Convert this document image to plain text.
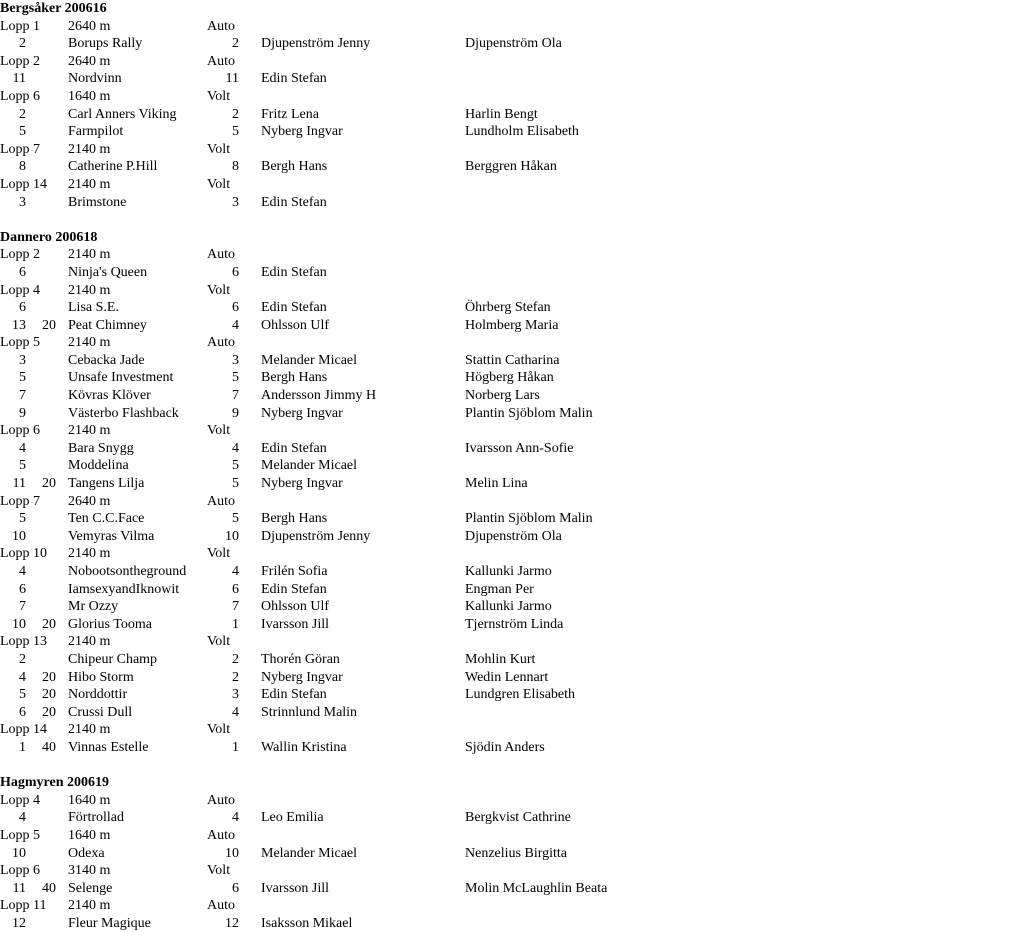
Bergsåker 200616
Lopp 1 2640 m	Auto
2	Borups Rally	2 Djupenström Jenny	Djupenström Ola
Lopp 2 2640 m	Auto
11	Nordvinn	11 Edin Stefan
Lopp 6 1640 m	Volt
2	Carl Anners Viking	2 Fritz Lena	Harlin Bengt
5	Farmpilot	5 Nyberg Ingvar	Lundholm Elisabeth
Lopp 7 2140 m	Volt
8	Catherine P.Hill	8 Bergh Hans	Berggren Håkan
Lopp 14 2140 m	Volt
3	Brimstone	3 Edin Stefan
Dannero 200618
Lopp 2 2140 m	Auto
6	Ninja's Queen	6 Edin Stefan
Lopp 4 2140 m	Volt
6	Lisa S.E.	6 Edin Stefan	Öhrberg Stefan
13 20 Peat Chimney	4 Ohlsson Ulf	Holmberg Maria
Lopp 5 2140 m	Auto
3	Cebacka Jade	3 Melander Micael	Stattin Catharina
5	Unsafe Investment	5 Bergh Hans	Högberg Håkan
7	Kövras Klöver	7 Andersson Jimmy H	Norberg Lars
9	Västerbo Flashback	9 Nyberg Ingvar	Plantin Sjöblom Malin
Lopp 6 2140 m	Volt
4	Bara Snygg	4 Edin Stefan	Ivarsson Ann-Sofie
5	Moddelina	5 Melander Micael
11 20 Tangens Lilja	5 Nyberg Ingvar	Melin Lina
Lopp 7 2640 m	Auto
5	Ten C.C.Face	5 Bergh Hans	Plantin Sjöblom Malin
10	Vemyras Vilma	10 Djupenström Jenny	Djupenström Ola
Lopp 10 2140 m	Volt
4	Nobootsontheground	4 Frilén Sofia	Kallunki Jarmo
6	IamsexyandIknowit	6 Edin Stefan	Engman Per
7	Mr Ozzy	7 Ohlsson Ulf	Kallunki Jarmo
10 20 Glorius Tooma	1 Ivarsson Jill	Tjernström Linda
Lopp 13 2140 m	Volt
2	Chipeur Champ	2 Thorén Göran	Mohlin Kurt
4 20 Hibo Storm	2 Nyberg Ingvar	Wedin Lennart
5 20 Norddottir	3 Edin Stefan	Lundgren Elisabeth
6 20 Crussi Dull	4 Strinnlund Malin
Lopp 14 2140 m	Volt
1 40 Vinnas Estelle	1 Wallin Kristina	Sjödin Anders
Hagmyren 200619
Lopp 4 1640 m	Auto
4	Förtrollad	4 Leo Emilia	Bergkvist Cathrine
Lopp 5 1640 m	Auto
10	Odexa	10 Melander Micael	Nenzelius Birgitta
Lopp 6 3140 m	Volt
11 40 Selenge	6 Ivarsson Jill	Molin McLaughlin Beata
Lopp 11 2140 m	Auto
12	Fleur Magique	12 Isaksson Mikael
